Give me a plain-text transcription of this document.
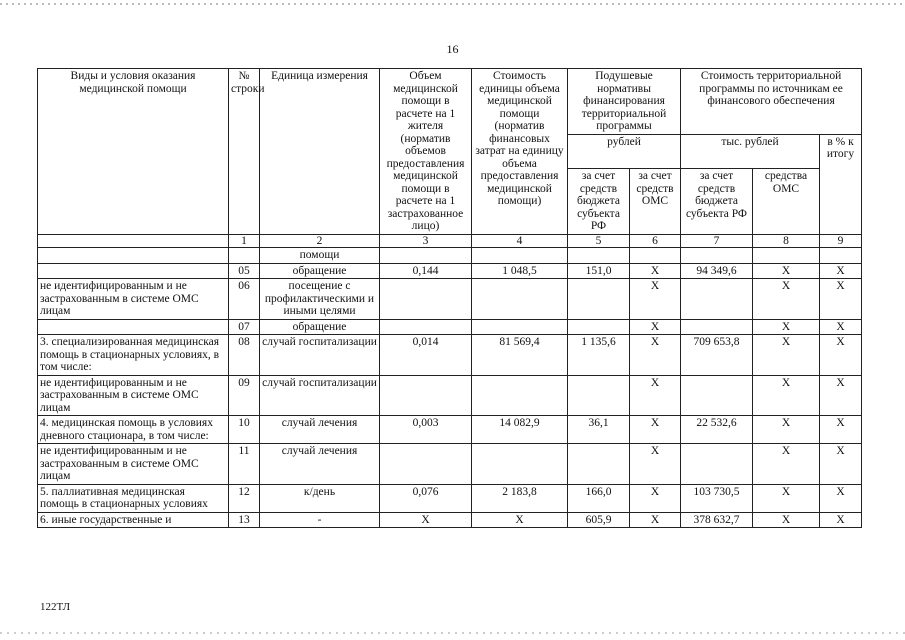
16
Виды и условия оказания медицинской помощи	№ строки	Единица измерения	Объем медицинской помощи в расчете на 1 жителя (норматив объемов предоставления медицинской помощи в расчете на 1 застрахованное лицо)	Стоимость единицы объема медицинской помощи (норматив финансовых затрат на единицу объема предоставления медицинской помощи)	Подушевые нормативы финансирования территориальной программы		Стоимость территориальной программы по источникам ее финансового обеспечения		
					рублей		тыс. рублей		в % к итогу
					за счет средств бюджета субъекта РФ	за счет средств ОМС	за счет средств бюджета субъекта РФ	средства ОМС	
	1	2	3	4	5	6	7	8	9
		помощи							
	05	обращение	0,144	1 048,5	151,0	X	94 349,6	X	X
не идентифицированным и не застрахованным в системе ОМС лицам	06	посещение с профилактическими и иными целями				X		X	X
	07	обращение				X		X	X
3. специализированная медицинская помощь в стационарных условиях, в том числе:	08	случай госпитализации	0,014	81 569,4	1 135,6	X	709 653,8	X	X
не идентифицированным и не застрахованным в системе ОМС лицам	09	случай госпитализации				X		X	X
4. медицинская помощь в условиях дневного стационара, в том числе:	10	случай лечения	0,003	14 082,9	36,1	X	22 532,6	X	X
не идентифицированным и не застрахованным в системе ОМС лицам	11	случай лечения				X		X	X
5. паллиативная медицинская помощь в стационарных условиях	12	к/день	0,076	2 183,8	166,0	X	103 730,5	X	X
6. иные государственные и	13	-	X	X	605,9	X	378 632,7	X	X
122ТЛ
